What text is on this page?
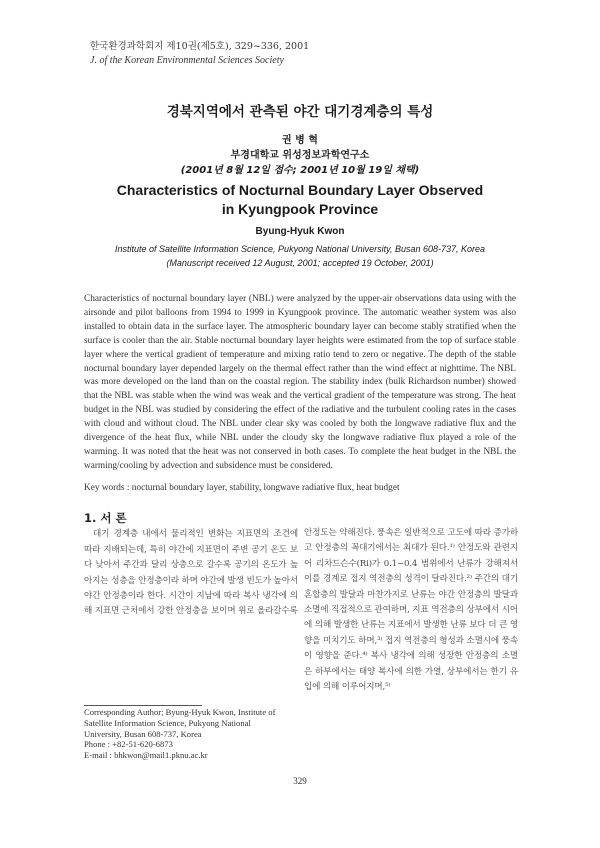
한국환경과학회지 제10권(제5호), 329~336, 2001
J. of the Korean Environmental Sciences Society
경북지역에서 관측된 야간 대기경계층의 특성
권 병 혁
부경대학교 위성정보과학연구소
(2001년 8월 12일 접수; 2001년 10월 19일 채택)
Characteristics of Nocturnal Boundary Layer Observed
in Kyungpook Province
Byung-Hyuk Kwon
Institute of Satellite Information Science, Pukyong National University, Busan 608-737, Korea
(Manuscript received 12 August, 2001; accepted 19 October, 2001)
Characteristics of nocturnal boundary layer (NBL) were analyzed by the upper-air observations data using with the airsonde and pilot balloons from 1994 to 1999 in Kyungpook province. The automatic weather system was also installed to obtain data in the surface layer. The atmospheric boundary layer can become stably stratified when the surface is cooler than the air. Stable nocturnal boundary layer heights were estimated from the top of surface stable layer where the vertical gradient of temperature and mixing ratio tend to zero or negative. The depth of the stable nocturnal boundary layer depended largely on the thermal effect rather than the wind effect at nighttime. The NBL was more developed on the land than on the coastal region. The stability index (bulk Richardson number) showed that the NBL was stable when the wind was weak and the vertical gradient of the temperature was strong. The heat budget in the NBL was studied by considering the effect of the radiative and the turbulent cooling rates in the cases with cloud and without cloud. The NBL under clear sky was cooled by both the longwave radiative flux and the divergence of the heat flux, while NBL under the cloudy sky the longwave radiative flux played a role of the warming. It was noted that the heat was not conserved in both cases. To complete the heat budget in the NBL the warming/cooling by advection and subsidence must be considered.
Key words : nocturnal boundary layer, stability, longwave radiative flux, heat budget
1. 서 론
대기 경계층 내에서 물리적인 변화는 지표면의 조건에 따라 지배되는데, 특히 야간에 지표면이 주변 공기 온도 보다 낮아서 주간과 달리 상층으로 갈수록 공기의 온도가 높아지는 성층을 안정층이라 하며 야간에 발생 빈도가 높아서 야간 안정층이라 한다. 시간이 지남에 따라 복사 냉각에 의해 지표면 근처에서 강한 안정층을 보이며 위로 올라갈수록
안정도는 약해진다. 풍속은 일반적으로 고도에 따라 증가하고 안정층의 꼭대기에서는 최대가 된다.¹⁾ 안정도와 관련지어 리차드슨수(Ri)가 0.1~0.4 범위에서 난류가 강해져서 이를 경계로 접지 역전층의 성격이 달라진다.²⁾ 주간의 대기 혼합층의 발달과 마찬가지로 난류는 야간 안정층의 발달과 소멸에 직접적으로 관여하며, 지표 역전층의 상부에서 시어에 의해 발생한 난류는 지표에서 발생한 난류 보다 더 큰 영향을 미치기도 하며,³⁾ 접지 역전층의 형성과 소멸시에 풍속이 영향을 준다.⁴⁾ 복사 냉각에 의해 성장한 안정층의 소멸은 하부에서는 태양 복사에 의한 가열, 상부에서는 한기 유입에 의해 이루어지며,⁵⁾
Corresponding Author; Byung-Hyuk Kwon, Institute of
Satellite Information Science, Pukyong National
University, Busan 608-737, Korea
Phone : +82-51-620-6873
E-mail : bhkwon@mail1.pknu.ac.kr
329
